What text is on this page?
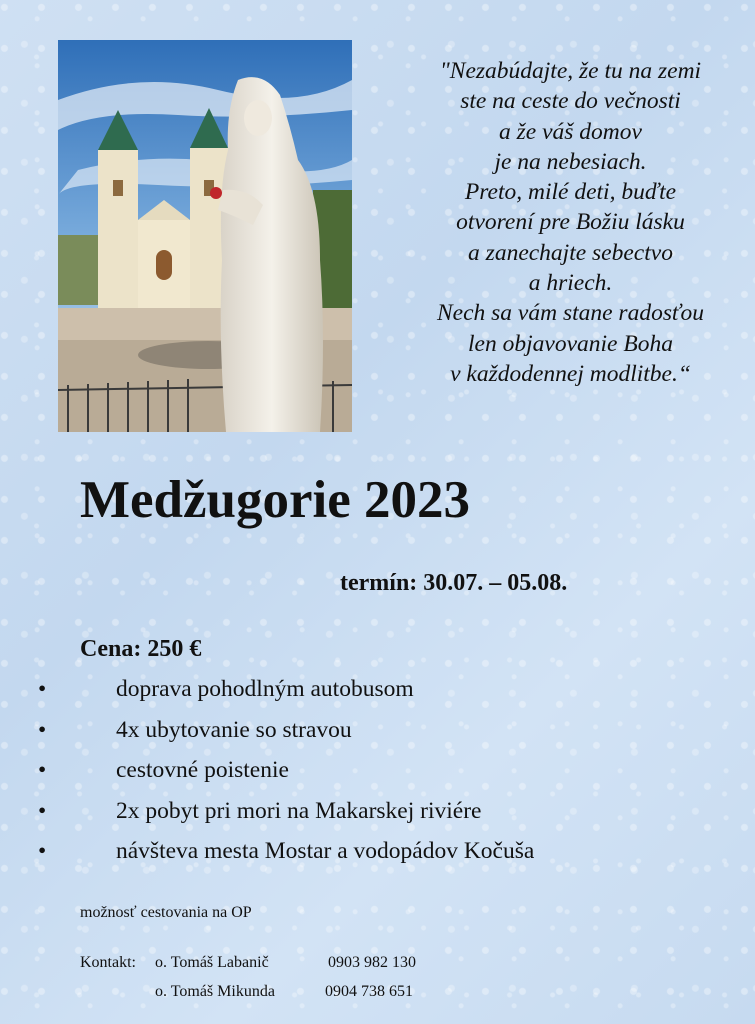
"Nezabúdajte, že tu na zemi
ste na ceste do večnosti
a že váš domov
je na nebesiach.
Preto, milé deti, buďte
otvorení pre Božiu lásku
a zanechajte sebectvo
a hriech.
Nech sa vám stane radosťou
len objavovanie Boha
v každodennej modlitbe.“
Medžugorie 2023
termín: 30.07. – 05.08.
Cena: 250 €
•	doprava pohodlným autobusom
•	4x ubytovanie so stravou
•	cestovné poistenie
•	2x pobyt pri mori na Makarskej riviére
•	návšteva mesta Mostar a vodopádov Kočuša
možnosť cestovania na OP
Kontakt: o. Tomáš Labanič	0903 982 130
o. Tomáš Mikunda	0904 738 651
